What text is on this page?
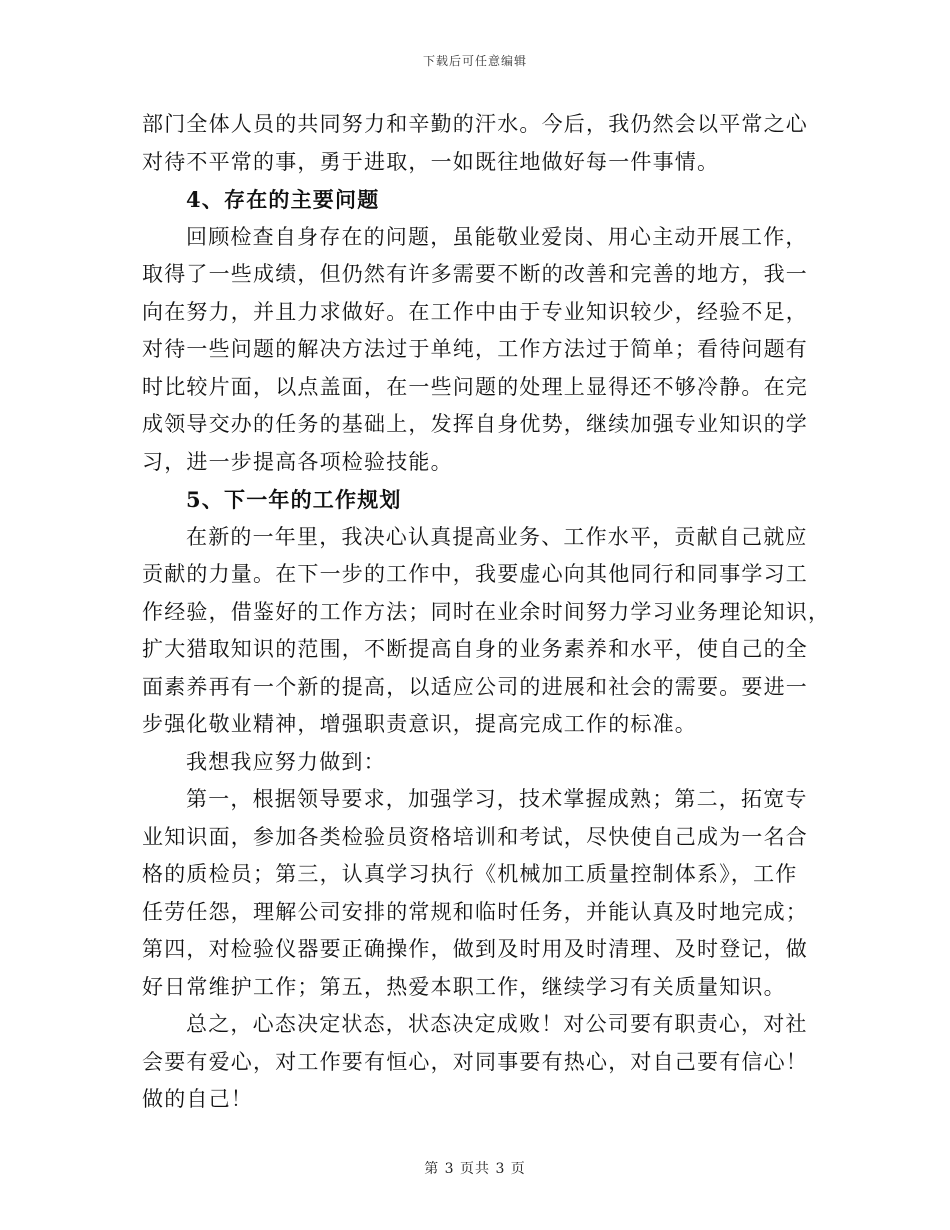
下载后可任意编辑
部门全体人员的共同努力和辛勤的汗水。今后，我仍然会以平常之心
对待不平常的事，勇于进取，一如既往地做好每一件事情。
4、存在的主要问题
回顾检查自身存在的问题，虽能敬业爱岗、用心主动开展工作，
取得了一些成绩，但仍然有许多需要不断的改善和完善的地方，我一
向在努力，并且力求做好。在工作中由于专业知识较少，经验不足，
对待一些问题的解决方法过于单纯，工作方法过于简单；看待问题有
时比较片面，以点盖面，在一些问题的处理上显得还不够冷静。在完
成领导交办的任务的基础上，发挥自身优势，继续加强专业知识的学
习，进一步提高各项检验技能。
5、下一年的工作规划
在新的一年里，我决心认真提高业务、工作水平，贡献自己就应
贡献的力量。在下一步的工作中，我要虚心向其他同行和同事学习工
作经验，借鉴好的工作方法；同时在业余时间努力学习业务理论知识，
扩大猎取知识的范围，不断提高自身的业务素养和水平，使自己的全
面素养再有一个新的提高，以适应公司的进展和社会的需要。要进一
步强化敬业精神，增强职责意识，提高完成工作的标准。
我想我应努力做到：
第一，根据领导要求，加强学习，技术掌握成熟；第二，拓宽专
业知识面，参加各类检验员资格培训和考试，尽快使自己成为一名合
格的质检员；第三，认真学习执行《机械加工质量控制体系》，工作
任劳任怨，理解公司安排的常规和临时任务，并能认真及时地完成；
第四，对检验仪器要正确操作，做到及时用及时清理、及时登记，做
好日常维护工作；第五，热爱本职工作，继续学习有关质量知识。
总之，心态决定状态，状态决定成败！对公司要有职责心，对社
会要有爱心，对工作要有恒心，对同事要有热心，对自己要有信心！
做的自己！
第 3 页共 3 页
